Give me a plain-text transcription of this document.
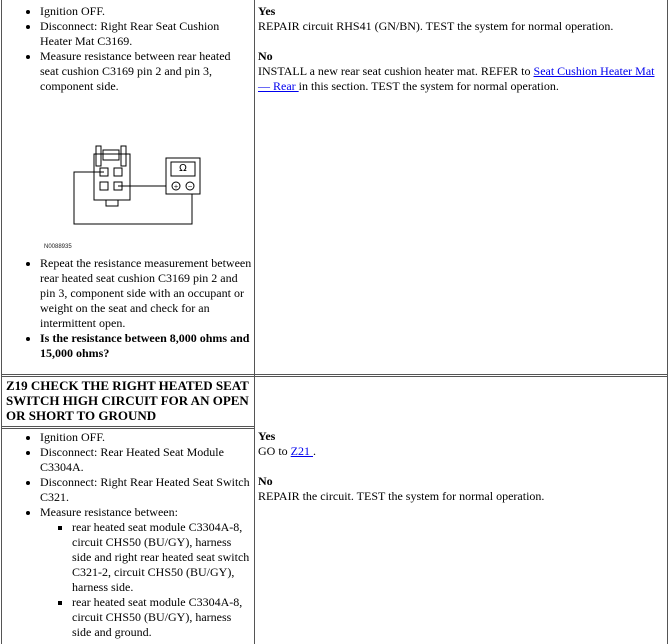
• Ignition OFF.
• Disconnect: Right Rear Seat Cushion Heater Mat C3169.
• Measure resistance between rear heated seat cushion C3169 pin 2 and pin 3, component side.
+ −
Ω
N0088935
• Repeat the resistance measurement between rear heated seat cushion C3169 pin 2 and pin 3, component side with an occupant or weight on the seat and check for an intermittent open.
• Is the resistance between 8,000 ohms and 15,000 ohms?

Yes

REPAIR circuit RHS41 (GN/BN). TEST the system for normal operation.

No

INSTALL a new rear seat cushion heater mat. REFER to Seat Cushion Heater Mat — Rear in this section. TEST the system for normal operation.

Z19 CHECK THE RIGHT HEATED SEAT SWITCH HIGH CIRCUIT FOR AN OPEN OR SHORT TO GROUND
• Ignition OFF.
• Disconnect: Rear Heated Seat Module C3304A.
• Disconnect: Right Rear Heated Seat Switch C321.
• Measure resistance between:
▪ rear heated seat module C3304A-8, circuit CHS50 (BU/GY), harness side and right rear heated seat switch C321-2, circuit CHS50 (BU/GY), harness side.
▪ rear heated seat module C3304A-8, circuit CHS50 (BU/GY), harness side and ground.

Yes

GO to Z21 .

No

REPAIR the circuit. TEST the system for normal operation.
